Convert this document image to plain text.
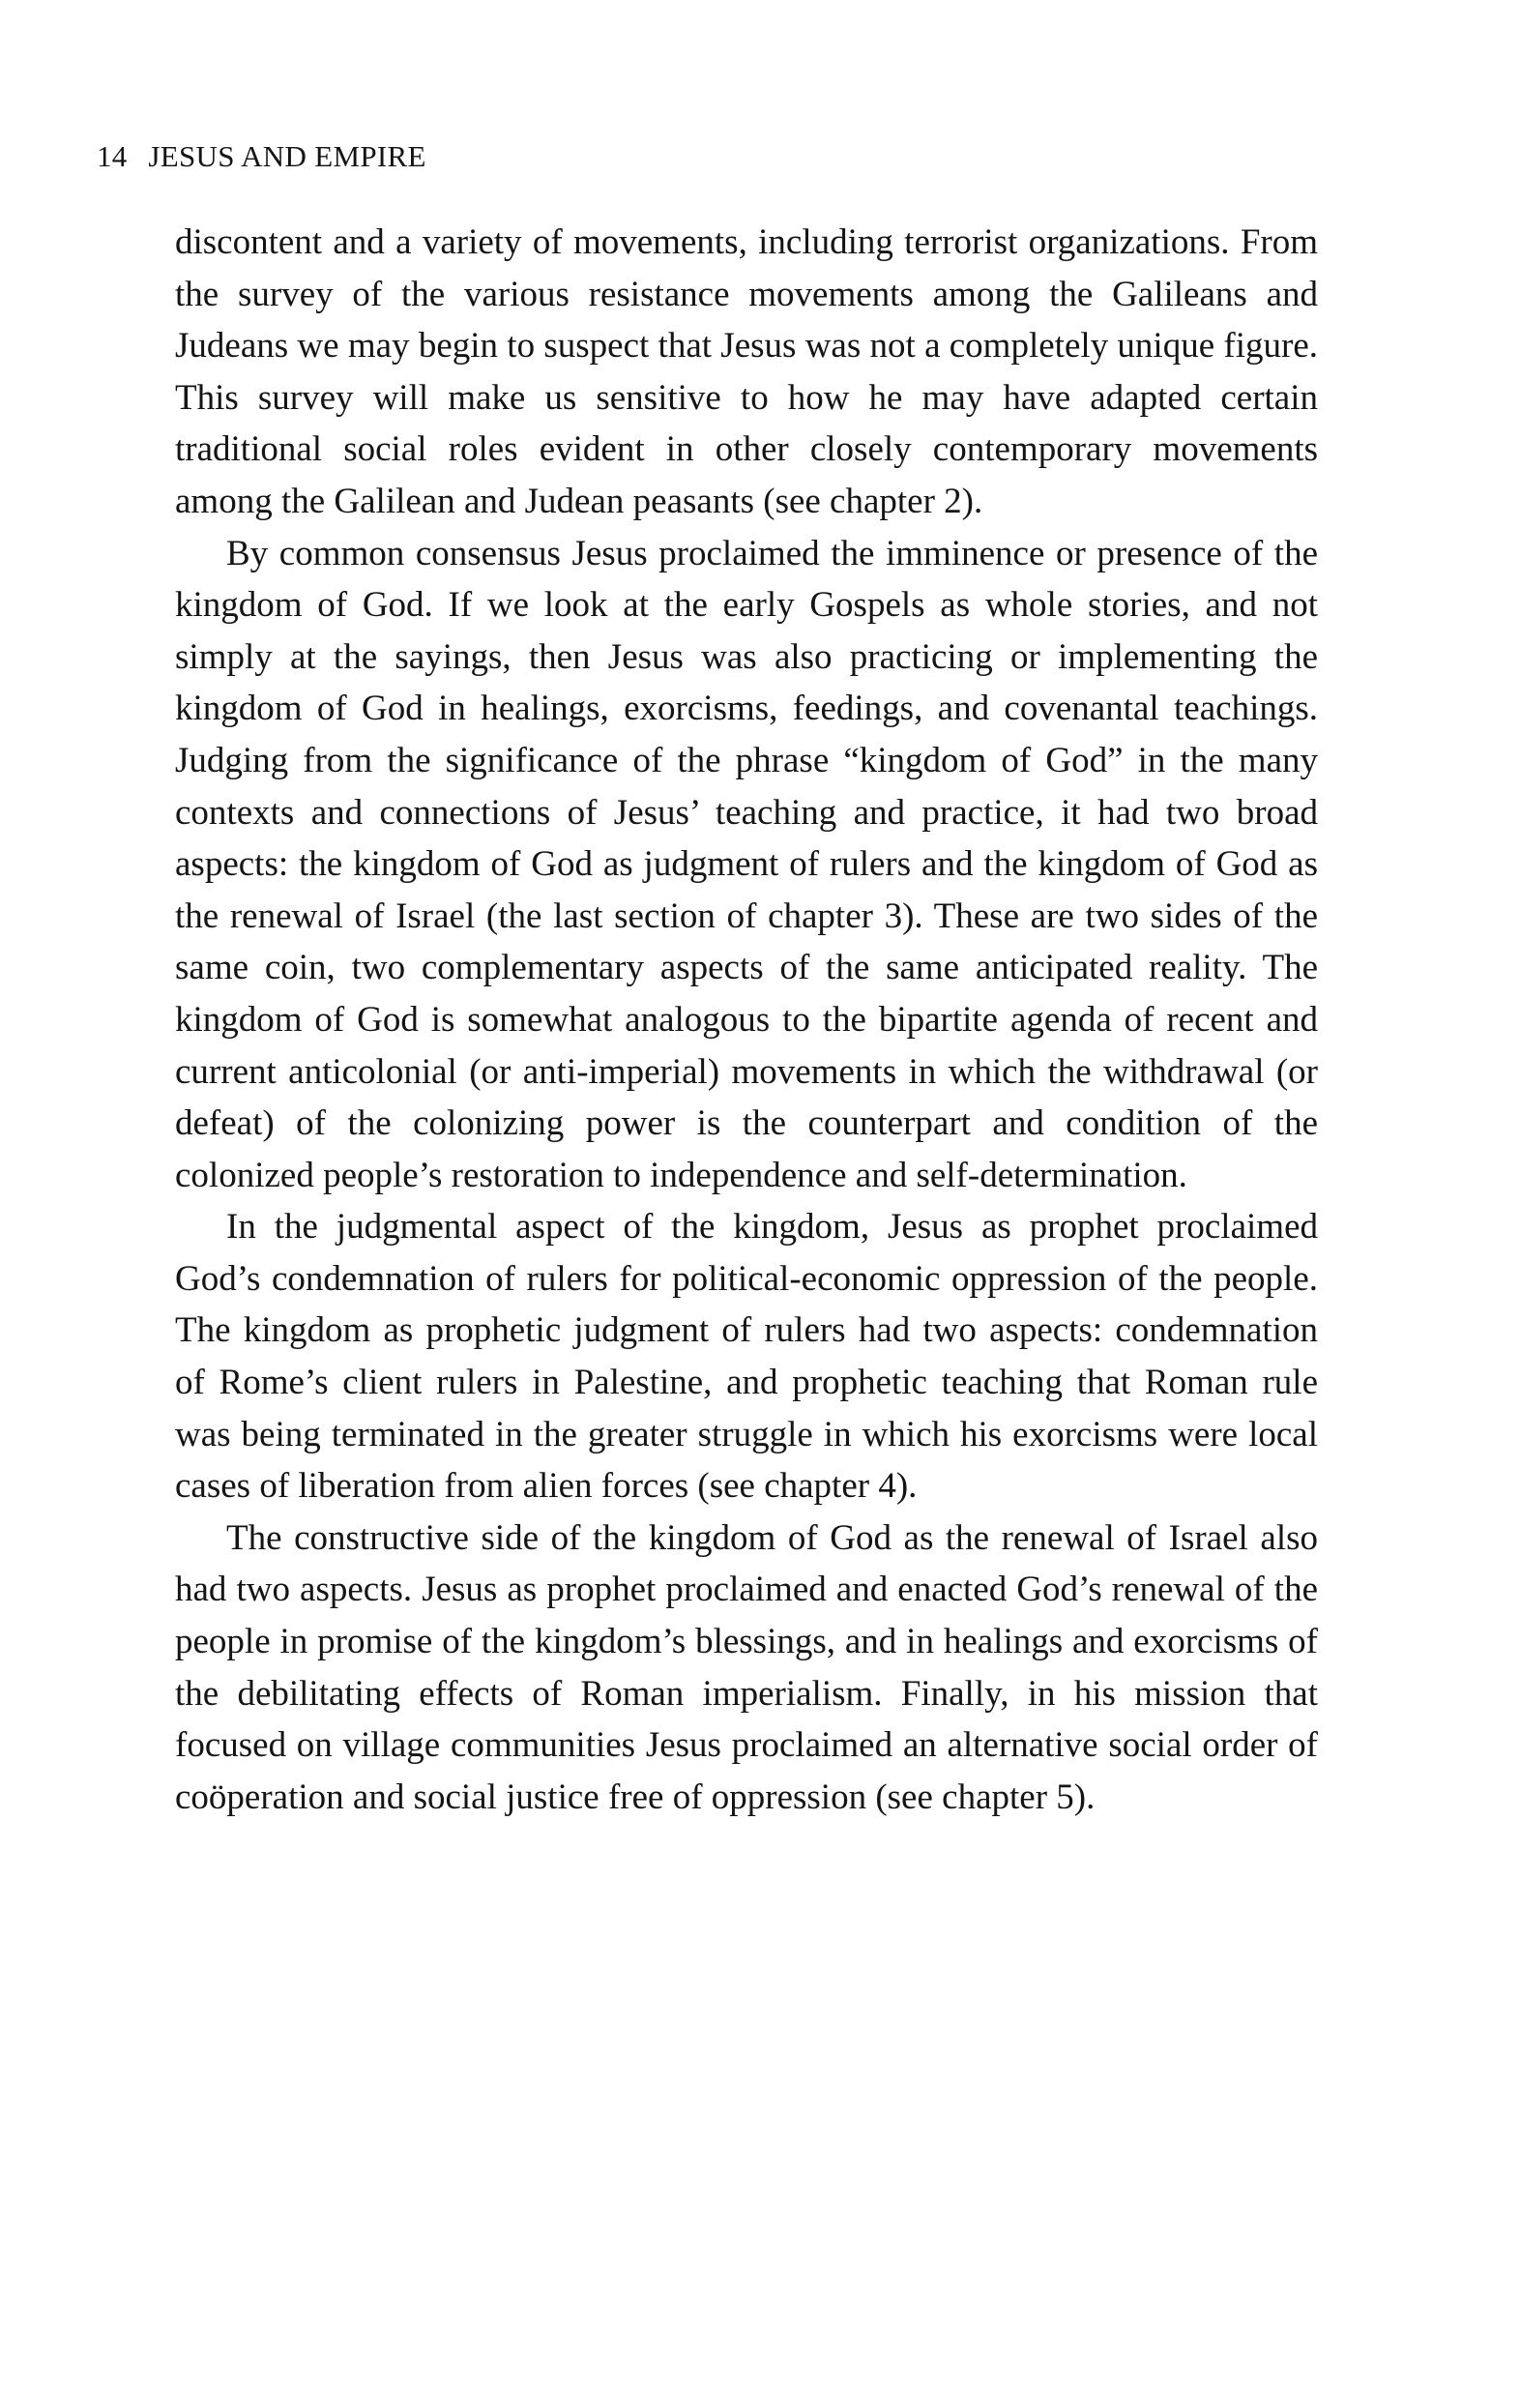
14 JESUS AND EMPIRE

discontent and a variety of movements, including terrorist organizations. From the survey of the various resistance movements among the Galileans and Judeans we may begin to suspect that Jesus was not a completely unique figure. This survey will make us sensitive to how he may have adapted certain traditional social roles evident in other closely contemporary movements among the Galilean and Judean peasants (see chapter 2).

By common consensus Jesus proclaimed the imminence or presence of the kingdom of God. If we look at the early Gospels as whole stories, and not simply at the sayings, then Jesus was also practicing or implementing the kingdom of God in healings, exorcisms, feedings, and covenantal teachings. Judging from the significance of the phrase “kingdom of God” in the many contexts and connections of Jesus’ teaching and practice, it had two broad aspects: the kingdom of God as judgment of rulers and the kingdom of God as the renewal of Israel (the last section of chapter 3). These are two sides of the same coin, two complementary aspects of the same anticipated reality. The kingdom of God is somewhat analogous to the bipartite agenda of recent and current anticolonial (or anti-imperial) movements in which the withdrawal (or defeat) of the colonizing power is the counterpart and condition of the colonized people’s restoration to independence and self-determination.

In the judgmental aspect of the kingdom, Jesus as prophet proclaimed God’s condemnation of rulers for political-economic oppression of the people. The kingdom as prophetic judgment of rulers had two aspects: condemnation of Rome’s client rulers in Palestine, and prophetic teaching that Roman rule was being terminated in the greater struggle in which his exorcisms were local cases of liberation from alien forces (see chapter 4).

The constructive side of the kingdom of God as the renewal of Israel also had two aspects. Jesus as prophet proclaimed and enacted God’s renewal of the people in promise of the kingdom’s blessings, and in healings and exorcisms of the debilitating effects of Roman imperialism. Finally, in his mission that focused on village communities Jesus proclaimed an alternative social order of coöperation and social justice free of oppression (see chapter 5).
